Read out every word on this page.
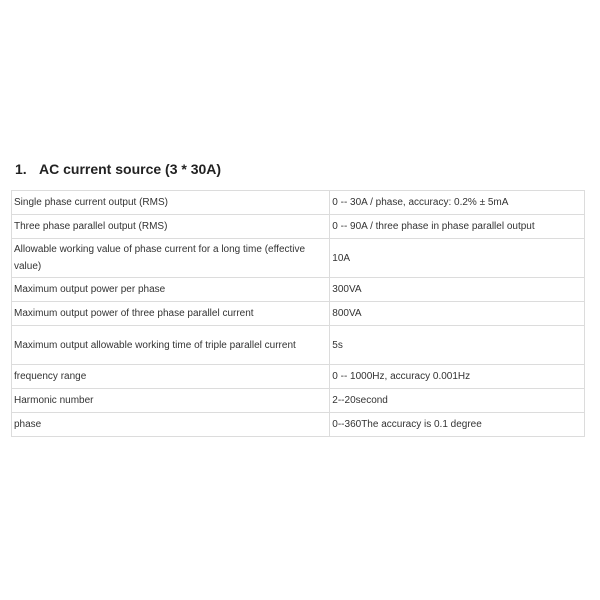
1. AC current source (3 * 30A)
Single phase current output (RMS)	0 -- 30A / phase, accuracy: 0.2% ± 5mA
Three phase parallel output (RMS)	0 -- 90A / three phase in phase parallel output
Allowable working value of phase current for a long time (effective value)	10A
Maximum output power per phase	300VA
Maximum output power of three phase parallel current	800VA
Maximum output allowable working time of triple parallel current	5s
frequency range	0 -- 1000Hz, accuracy 0.001Hz
Harmonic number	2--20second
phase	0--360The accuracy is 0.1 degree
